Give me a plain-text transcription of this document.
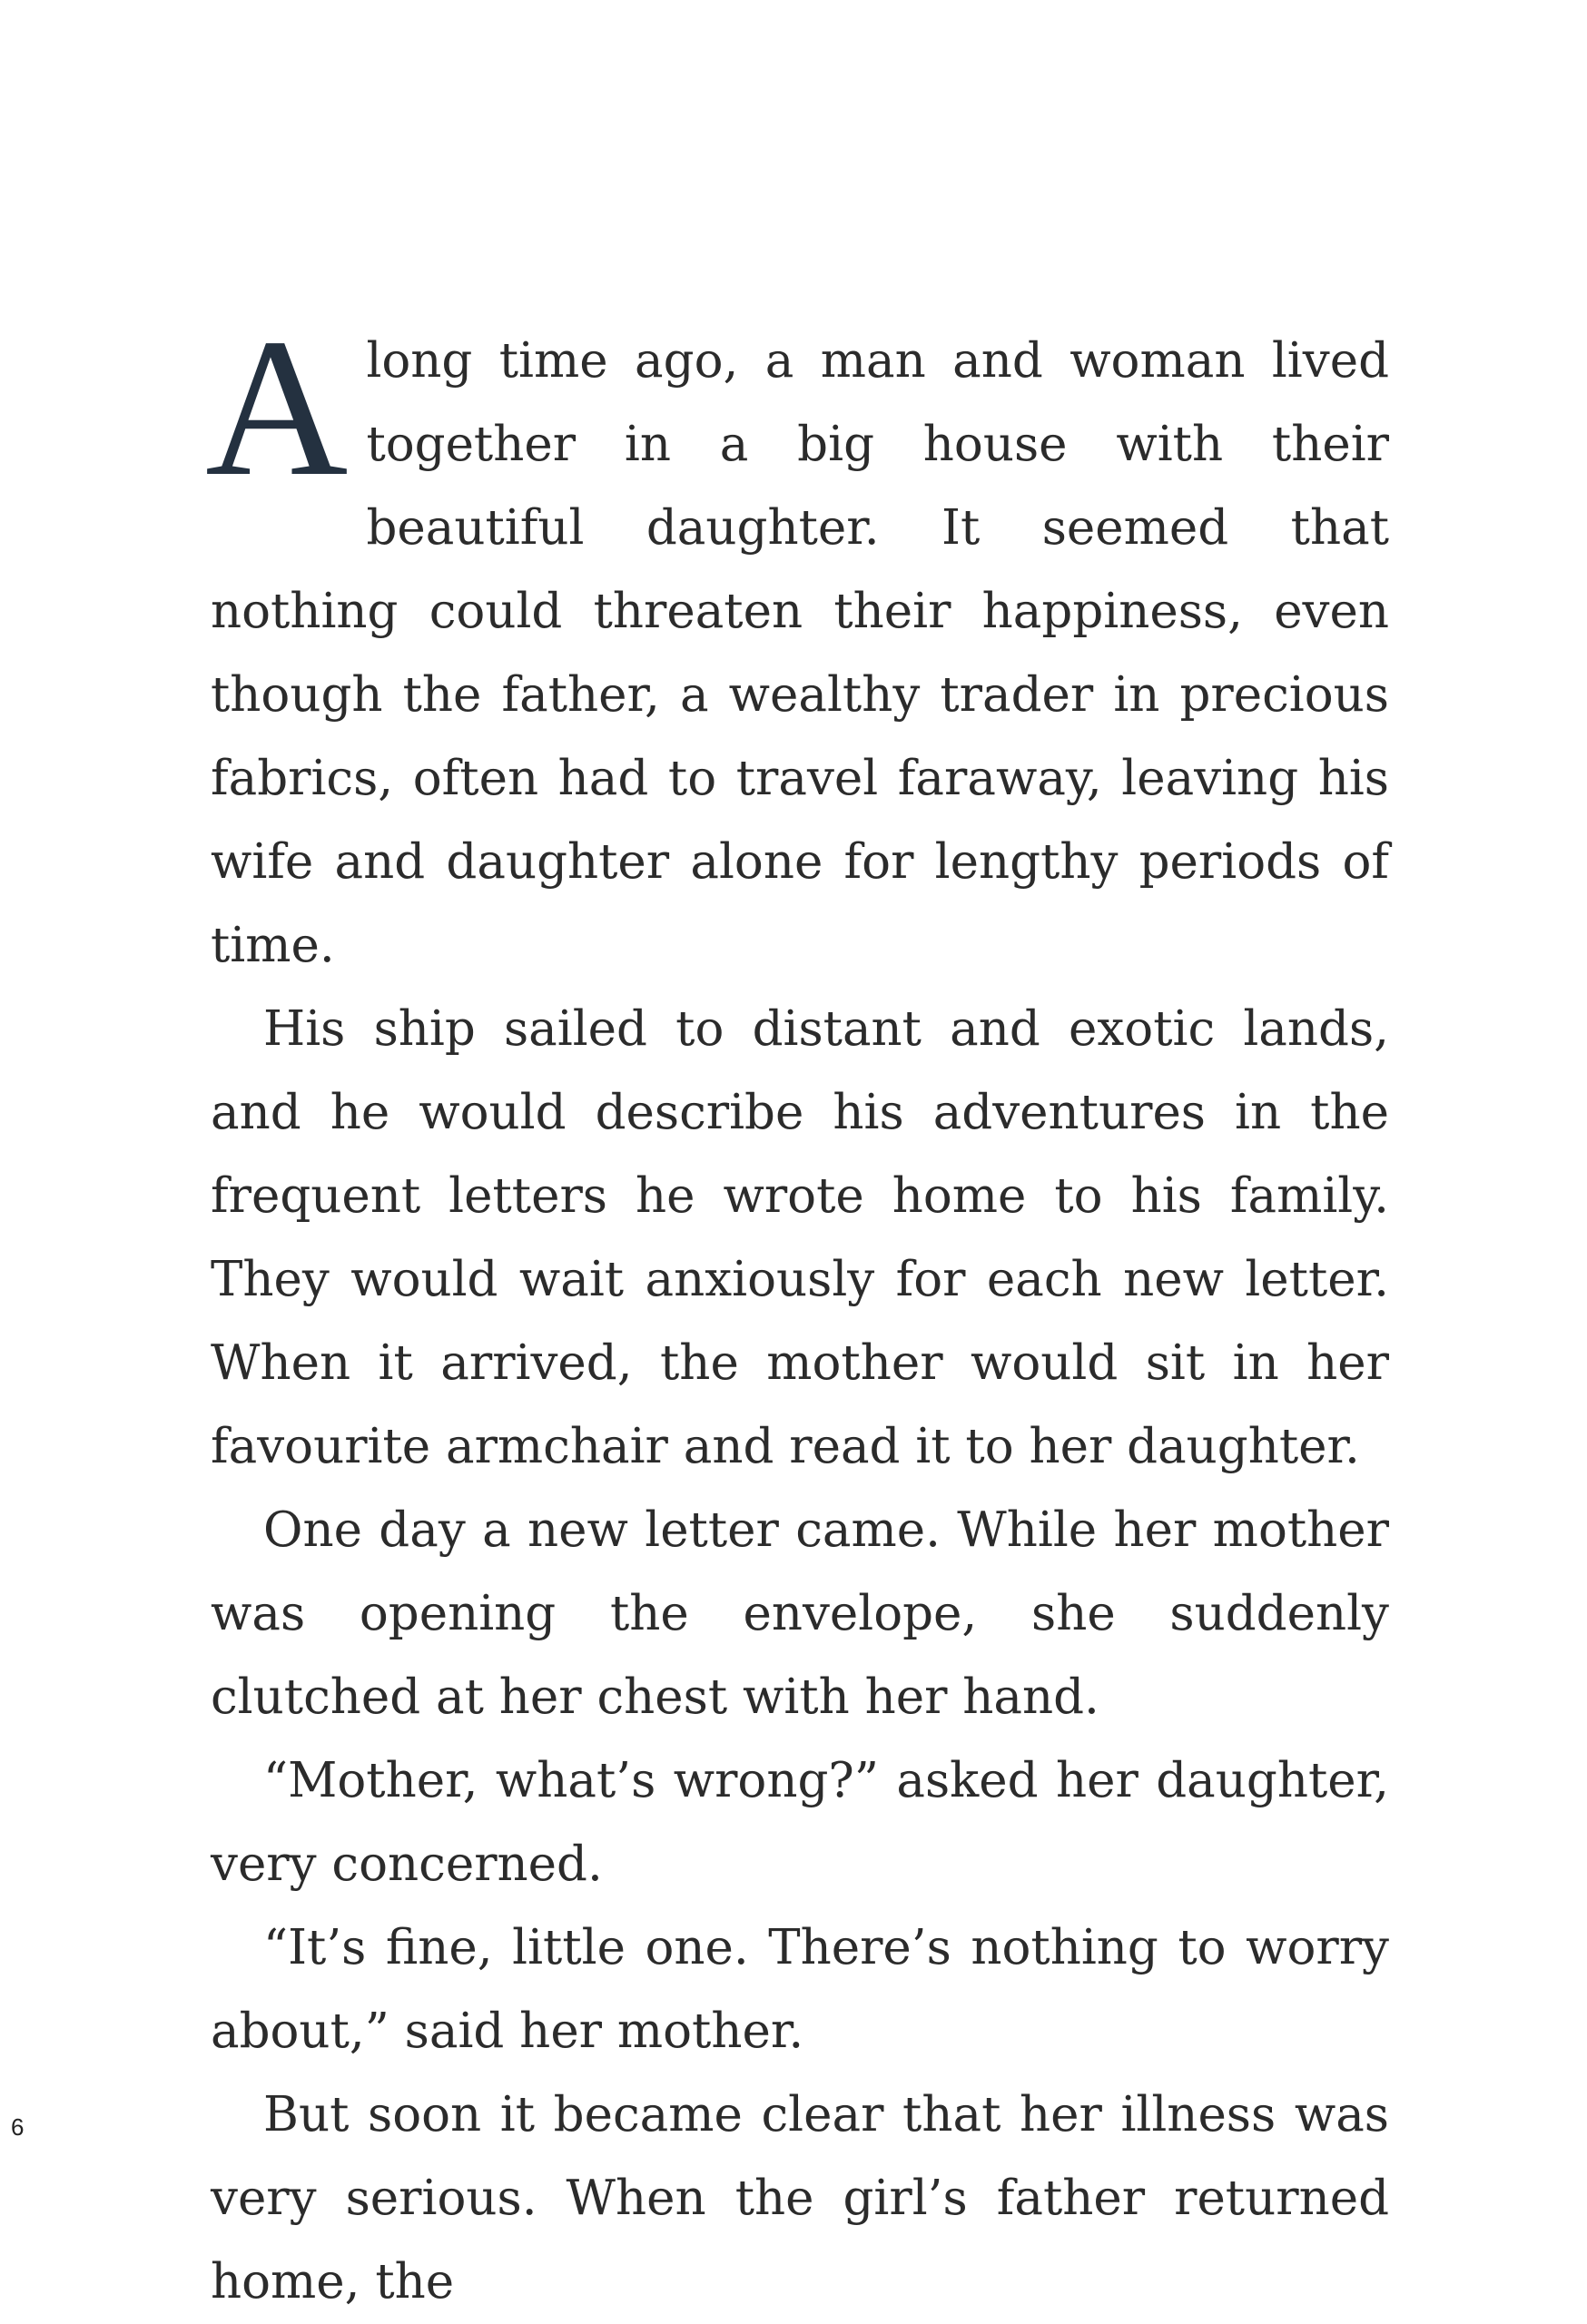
A long time ago, a man and woman lived together in a big house with their beautiful daughter. It seemed that nothing could threaten their happiness, even though the father, a wealthy trader in precious fabrics, often had to travel faraway, leaving his wife and daughter alone for lengthy periods of time.

His ship sailed to distant and exotic lands, and he would describe his adventures in the frequent letters he wrote home to his family. They would wait anxiously for each new letter. When it arrived, the mother would sit in her favourite armchair and read it to her daughter.

One day a new letter came. While her mother was opening the envelope, she suddenly clutched at her chest with her hand.

“Mother, what’s wrong?” asked her daughter, very concerned.

“It’s fine, little one. There’s nothing to worry about,” said her mother.

But soon it became clear that her illness was very serious. When the girl’s father returned home, the

6
